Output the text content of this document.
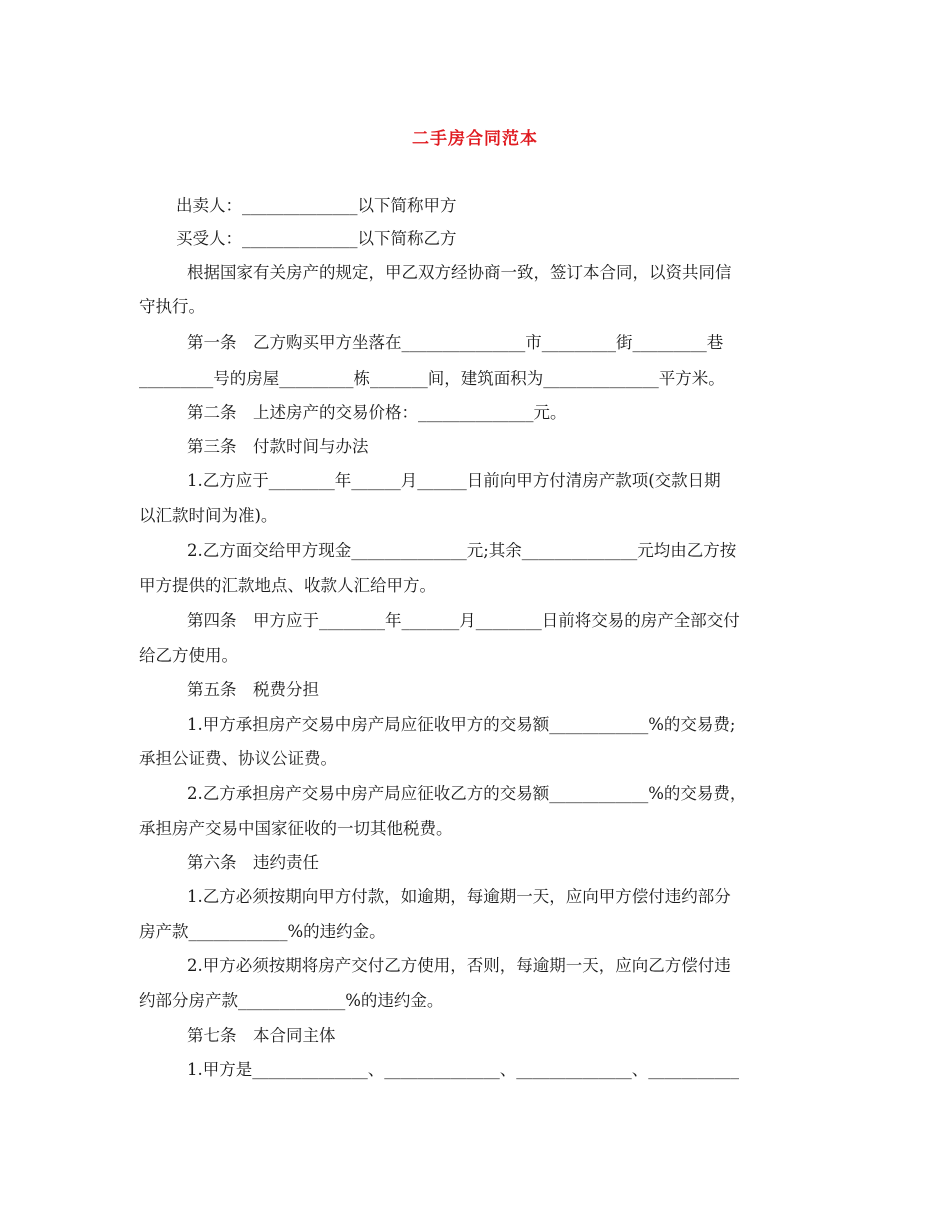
二手房合同范本
出卖人：______________以下简称甲方
买受人：______________以下简称乙方
根据国家有关房产的规定，甲乙双方经协商一致，签订本合同，以资共同信
守执行。
第一条　乙方购买甲方坐落在_______________市_________街_________巷
_________号的房屋_________栋_______间，建筑面积为______________平方米。
第二条　上述房产的交易价格：______________元。
第三条　付款时间与办法
1.乙方应于________年______月______日前向甲方付清房产款项(交款日期
以汇款时间为准)。
2.乙方面交给甲方现金______________元;其余______________元均由乙方按
甲方提供的汇款地点、收款人汇给甲方。
第四条　甲方应于________年_______月________日前将交易的房产全部交付
给乙方使用。
第五条　税费分担
1.甲方承担房产交易中房产局应征收甲方的交易额____________%的交易费;
承担公证费、协议公证费。
2.乙方承担房产交易中房产局应征收乙方的交易额____________%的交易费，
承担房产交易中国家征收的一切其他税费。
第六条　违约责任
1.乙方必须按期向甲方付款，如逾期，每逾期一天，应向甲方偿付违约部分
房产款____________%的违约金。
2.甲方必须按期将房产交付乙方使用，否则，每逾期一天，应向乙方偿付违
约部分房产款_____________%的违约金。
第七条　本合同主体
1.甲方是______________、______________、______________、___________
